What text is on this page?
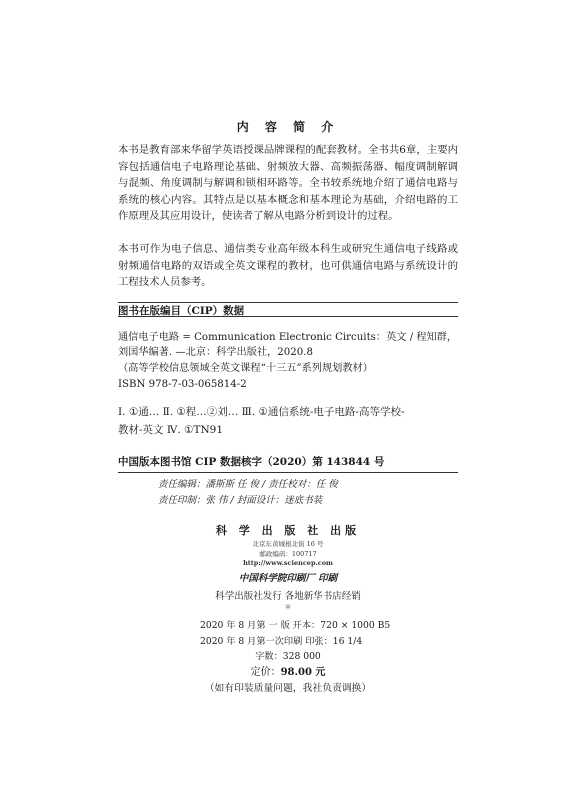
内 容 简 介

本书是教育部来华留学英语授课品牌课程的配套教材。全书共6章，主要内容包括通信电子电路理论基础、射频放大器、高频振荡器、幅度调制解调与混频、角度调制与解调和锁相环路等。全书较系统地介绍了通信电路与系统的核心内容。其特点是以基本概念和基本理论为基础，介绍电路的工作原理及其应用设计，使读者了解从电路分析到设计的过程。

本书可作为电子信息、通信类专业高年级本科生或研究生通信电子线路或射频通信电路的双语或全英文课程的教材，也可供通信电路与系统设计的工程技术人员参考。

图书在版编目（CIP）数据

通信电子电路 = Communication Electronic Circuits：英文 / 程知群，

刘国华编著. —北京：科学出版社，2020.8

（高等学校信息领域全英文课程“十三五”系列规划教材）

ISBN 978-7-03-065814-2

Ⅰ. ①通… Ⅱ. ①程…②刘… Ⅲ. ①通信系统-电子电路-高等学校-

教材-英文 Ⅳ. ①TN91

中国版本图书馆 CIP 数据核字（2020）第 143844 号
责任编辑：潘斯斯 任 俊 / 责任校对：任 俊
责任印制：张 伟 / 封面设计：迷底书装
科 学 出 版 社 出版
北京东黄城根北街 16 号
邮政编码：100717
http://www.sciencep.com
中国科学院印刷厂 印刷
科学出版社发行 各地新华书店经销
＊
2020 年 8 月第 一 版 开本：720 × 1000 B5
2020 年 8 月第一次印刷 印张：16 1/4
字数：328 000
定价：98.00 元
（如有印装质量问题，我社负责调换）
